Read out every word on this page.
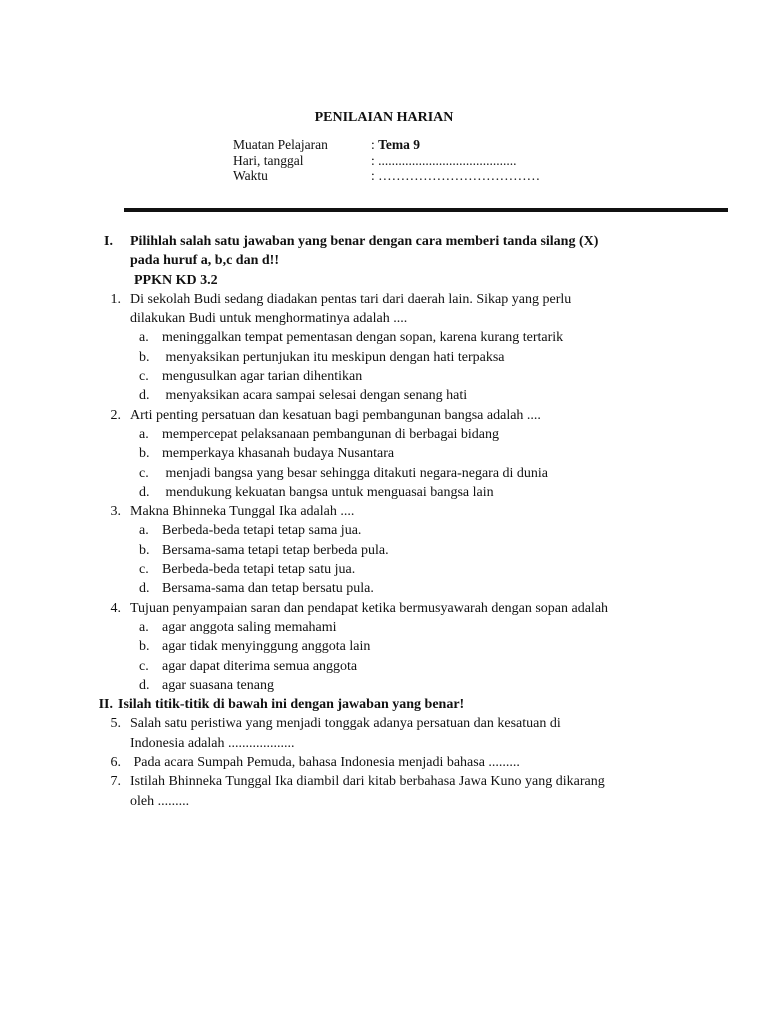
PENILAIAN HARIAN
Muatan Pelajaran	: Tema 9
Hari, tanggal	: .........................................
Waktu	: ………………………………
I.	Pilihlah salah satu jawaban yang benar dengan cara memberi tanda silang (X)
pada huruf a, b,c dan d!!
PPKN KD 3.2
1. Di sekolah Budi sedang diadakan pentas tari dari daerah lain. Sikap yang perlu
dilakukan Budi untuk menghormatinya adalah ....
a. meninggalkan tempat pementasan dengan sopan, karena kurang tertarik
b. menyaksikan pertunjukan itu meskipun dengan hati terpaksa
c. mengusulkan agar tarian dihentikan
d. menyaksikan acara sampai selesai dengan senang hati
2. Arti penting persatuan dan kesatuan bagi pembangunan bangsa adalah ....
a. mempercepat pelaksanaan pembangunan di berbagai bidang
b. memperkaya khasanah budaya Nusantara
c. menjadi bangsa yang besar sehingga ditakuti negara-negara di dunia
d. mendukung kekuatan bangsa untuk menguasai bangsa lain
3. Makna Bhinneka Tunggal Ika adalah ....
a. Berbeda-beda tetapi tetap sama jua.
b. Bersama-sama tetapi tetap berbeda pula.
c. Berbeda-beda tetapi tetap satu jua.
d. Bersama-sama dan tetap bersatu pula.
4. Tujuan penyampaian saran dan pendapat ketika bermusyawarah dengan sopan adalah
a. agar anggota saling memahami
b. agar tidak menyinggung anggota lain
c. agar dapat diterima semua anggota
d. agar suasana tenang
II. Isilah titik-titik di bawah ini dengan jawaban yang benar!
5. Salah satu peristiwa yang menjadi tonggak adanya persatuan dan kesatuan di
Indonesia adalah ...................
6. Pada acara Sumpah Pemuda, bahasa Indonesia menjadi bahasa .........
7. Istilah Bhinneka Tunggal Ika diambil dari kitab berbahasa Jawa Kuno yang dikarang
oleh .........
